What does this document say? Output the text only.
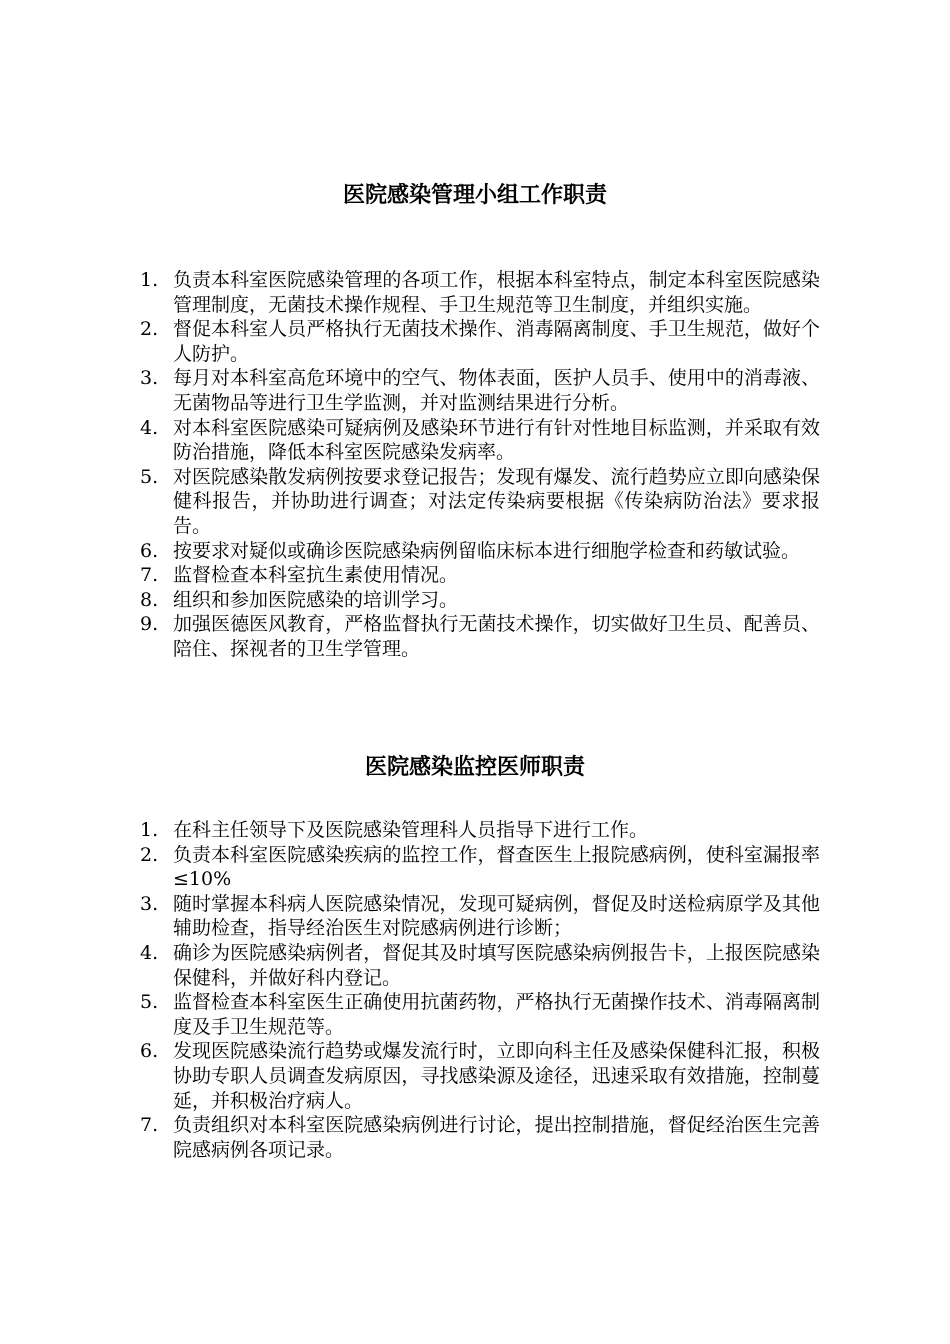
医院感染管理小组工作职责
1. 负责本科室医院感染管理的各项工作，根据本科室特点，制定本科室医院感染管理制度，无菌技术操作规程、手卫生规范等卫生制度，并组织实施。
2. 督促本科室人员严格执行无菌技术操作、消毒隔离制度、手卫生规范，做好个人防护。
3. 每月对本科室高危环境中的空气、物体表面，医护人员手、使用中的消毒液、无菌物品等进行卫生学监测，并对监测结果进行分析。
4. 对本科室医院感染可疑病例及感染环节进行有针对性地目标监测，并采取有效防治措施，降低本科室医院感染发病率。
5. 对医院感染散发病例按要求登记报告；发现有爆发、流行趋势应立即向感染保健科报告，并协助进行调查；对法定传染病要根据《传染病防治法》要求报告。
6. 按要求对疑似或确诊医院感染病例留临床标本进行细胞学检查和药敏试验。
7. 监督检查本科室抗生素使用情况。
8. 组织和参加医院感染的培训学习。
9. 加强医德医风教育，严格监督执行无菌技术操作，切实做好卫生员、配善员、陪住、探视者的卫生学管理。
医院感染监控医师职责
1. 在科主任领导下及医院感染管理科人员指导下进行工作。
2. 负责本科室医院感染疾病的监控工作，督查医生上报院感病例，使科室漏报率≤10%
3. 随时掌握本科病人医院感染情况，发现可疑病例，督促及时送检病原学及其他辅助检查，指导经治医生对院感病例进行诊断；
4. 确诊为医院感染病例者，督促其及时填写医院感染病例报告卡，上报医院感染保健科，并做好科内登记。
5. 监督检查本科室医生正确使用抗菌药物，严格执行无菌操作技术、消毒隔离制度及手卫生规范等。
6. 发现医院感染流行趋势或爆发流行时，立即向科主任及感染保健科汇报，积极协助专职人员调查发病原因，寻找感染源及途径，迅速采取有效措施，控制蔓延，并积极治疗病人。
7. 负责组织对本科室医院感染病例进行讨论，提出控制措施，督促经治医生完善院感病例各项记录。
